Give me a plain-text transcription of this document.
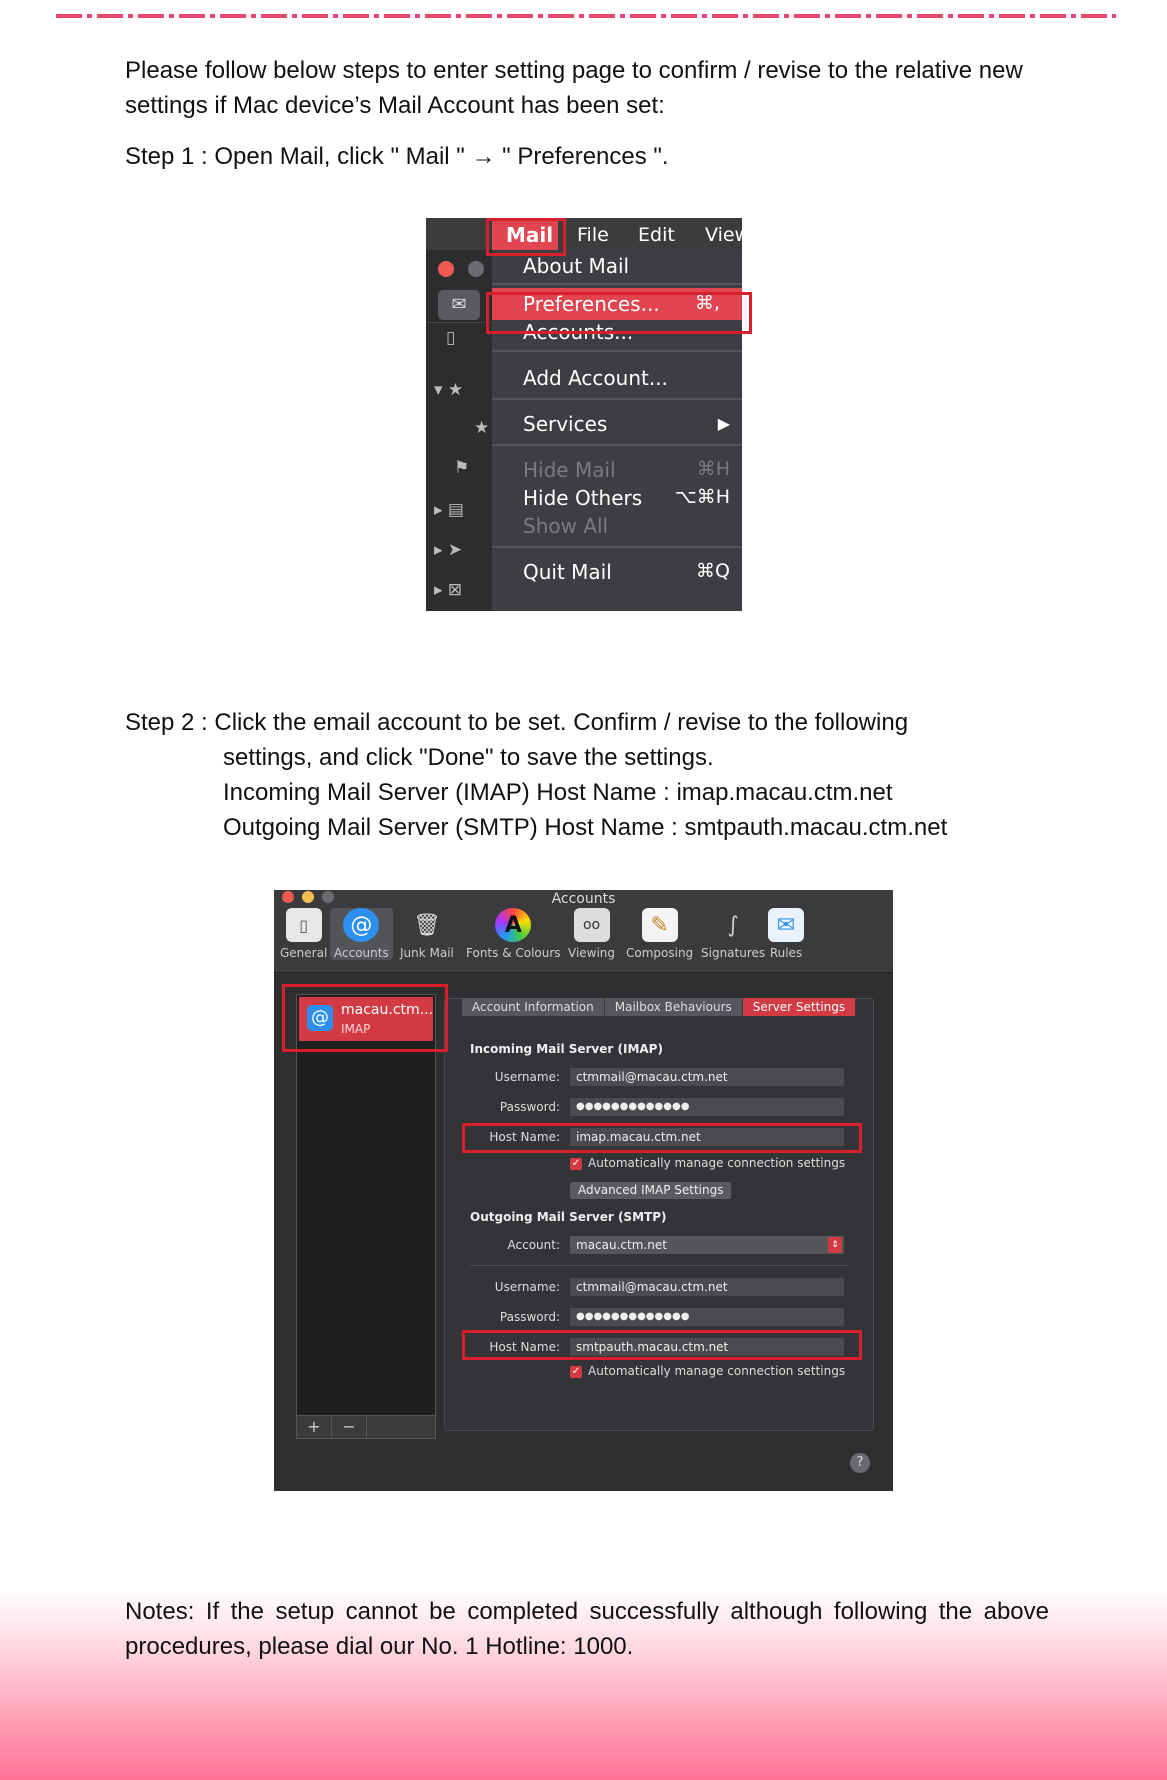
Please follow below steps to enter setting page to confirm / revise to the relative new settings if Mac device’s Mail Account has been set:

Step 1 : Open Mail, click " Mail " → " Preferences ".

Mail File Edit View
✉
▯
▾ ★
★
⚑
▸ ▤
▸ ➤
▸ ⊠
About Mail
Preferences... ⌘,
Accounts...
Add Account...
Services	▶
Hide Mail	⌘H
Hide Others ⌥⌘H
Show All
Quit Mail	⌘Q

Step 2 : Click the email account to be set. Confirm / revise to the following

settings, and click "Done" to save the settings.

Incoming Mail Server (IMAP) Host Name : imap.macau.ctm.net

Outgoing Mail Server (SMTP) Host Name : smtpauth.macau.ctm.net

Accounts
▯
General
@
Accounts
🗑
Junk Mail
A
Fonts & Colours
oo
Viewing
✎
Composing
∫
Signatures
✉
Rules
@ macau.ctm...
IMAP
+	−
Account Information	Mailbox Behaviours	Server Settings
Incoming Mail Server (IMAP)
Username:	ctmmail@macau.ctm.net
Password:	●●●●●●●●●●●●●
Host Name:	imap.macau.ctm.net
✓ Automatically manage connection settings
Advanced IMAP Settings
Outgoing Mail Server (SMTP)
Account:	macau.ctm.net	⇕
Username:	ctmmail@macau.ctm.net
Password:	●●●●●●●●●●●●●
Host Name:	smtpauth.macau.ctm.net
✓ Automatically manage connection settings
?

Notes: If the setup cannot be completed successfully although following the above procedures, please dial our No. 1 Hotline: 1000.
